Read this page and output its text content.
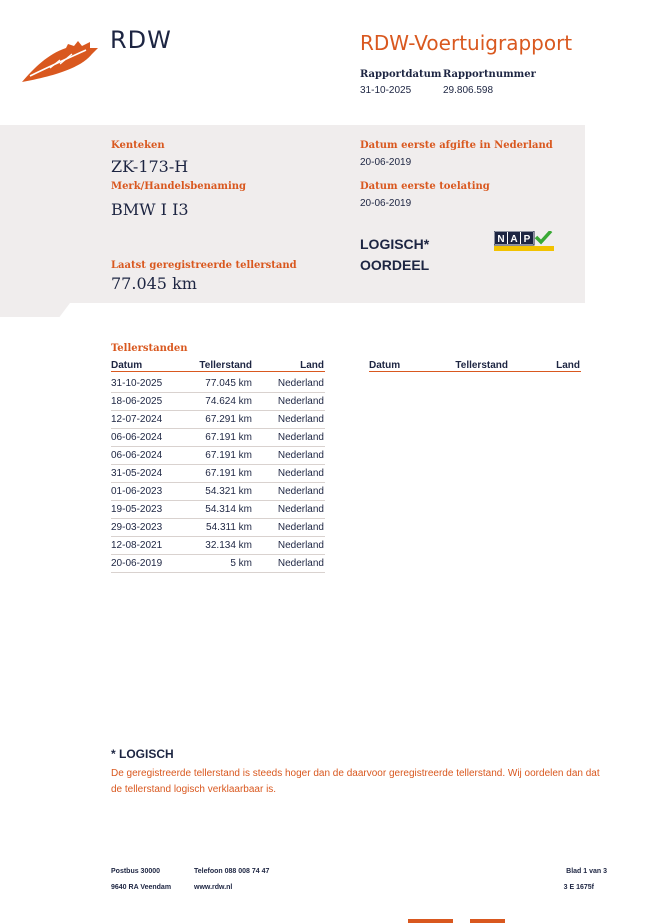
RDW	RDW-Voertuigrapport
Rapportdatum
31-10-2025
Rapportnummer
29.806.598
Kenteken
ZK-173-H
Merk/Handelsbenaming
BMW I I3
Laatst geregistreerde tellerstand
77.045 km
Datum eerste afgifte in Nederland
20-06-2019
Datum eerste toelating
20-06-2019
LOGISCH*
OORDEEL
N A P
Tellerstanden
Datum	Tellerstand	Land	Datum	Tellerstand	Land
31-10-2025	77.045 km	Nederland
18-06-2025	74.624 km	Nederland
12-07-2024	67.291 km	Nederland
06-06-2024	67.191 km	Nederland
06-06-2024	67.191 km	Nederland
31-05-2024	67.191 km	Nederland
01-06-2023	54.321 km	Nederland
19-05-2023	54.314 km	Nederland
29-03-2023	54.311 km	Nederland
12-08-2021	32.134 km	Nederland
20-06-2019	5 km	Nederland
* LOGISCH
De geregistreerde tellerstand is steeds hoger dan de daarvoor geregistreerde tellerstand. Wij oordelen dan dat de tellerstand logisch verklaarbaar is.
Postbus 30000
9640 RA Veendam
Telefoon 088 008 74 47
www.rdw.nl
Blad 1 van 3
3 E 1675f
